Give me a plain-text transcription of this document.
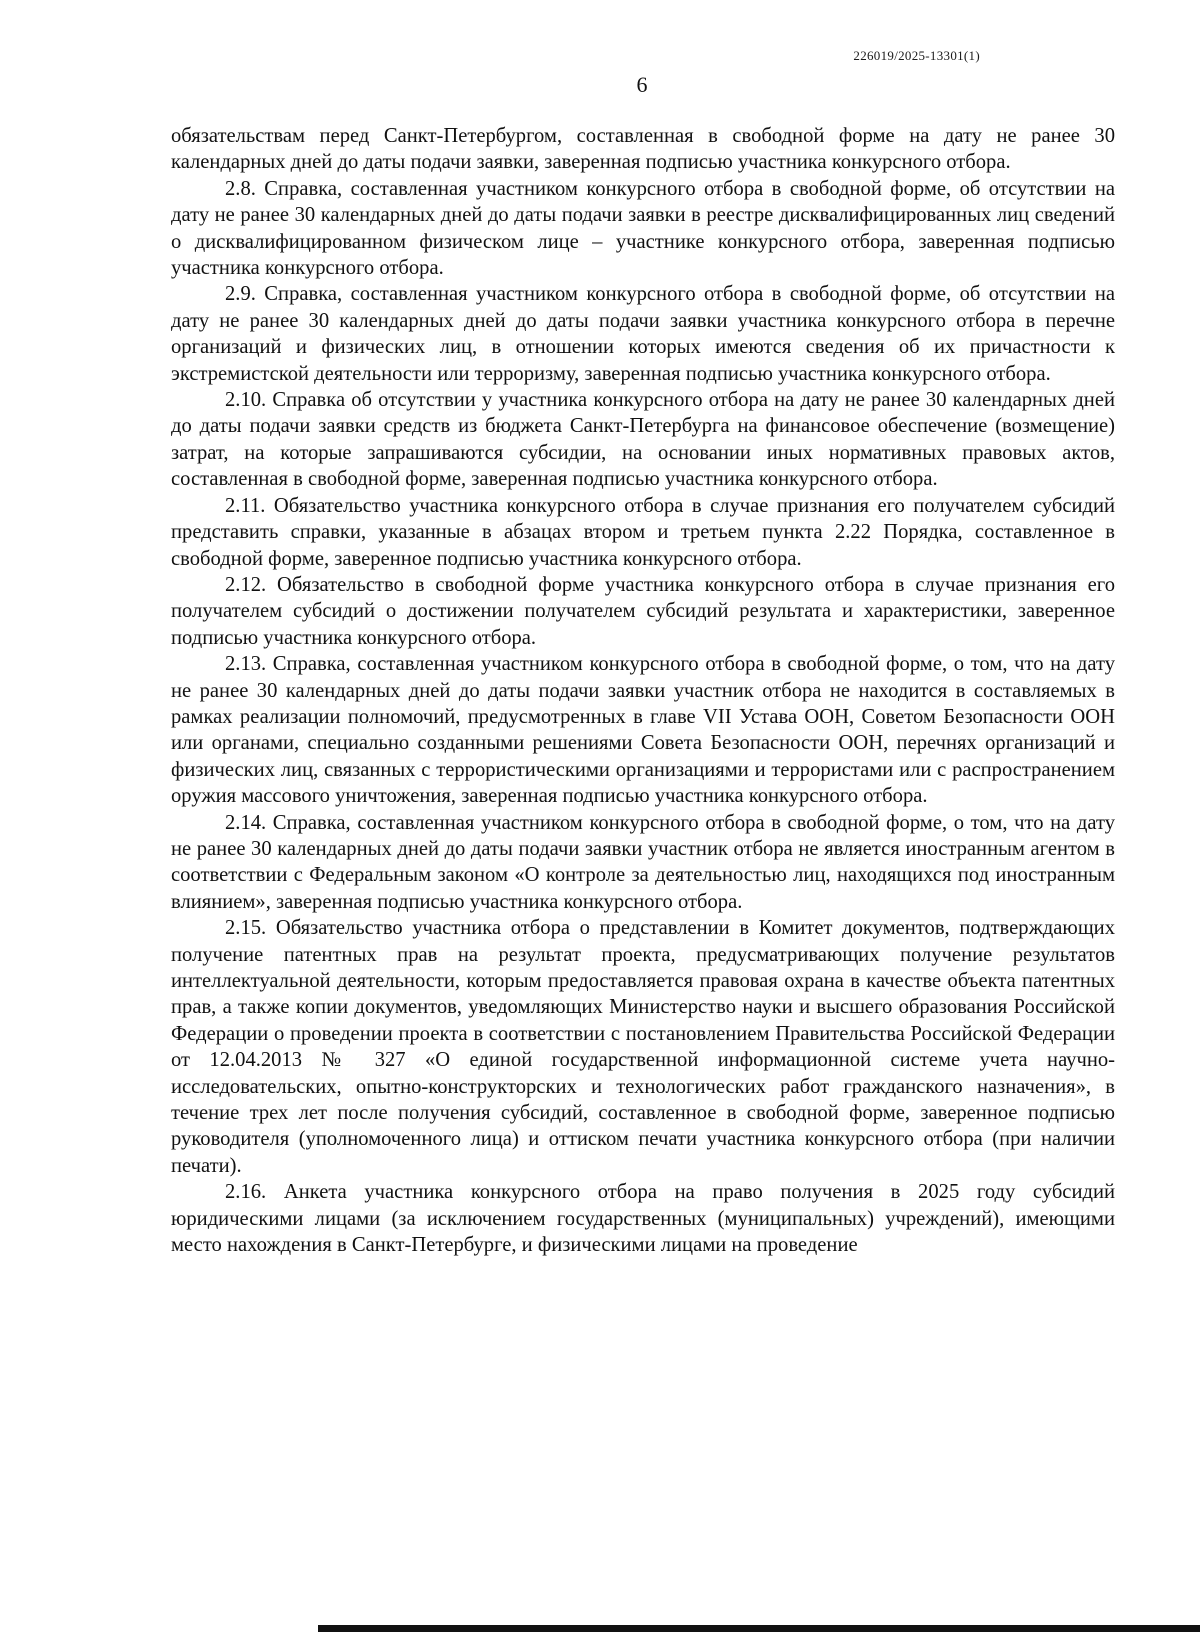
226019/2025-13301(1)
6

обязательствам перед Санкт-Петербургом, составленная в свободной форме на дату не ранее 30 календарных дней до даты подачи заявки, заверенная подписью участника конкурсного отбора.

2.8. Справка, составленная участником конкурсного отбора в свободной форме, об отсутствии на дату не ранее 30 календарных дней до даты подачи заявки в реестре дисквалифицированных лиц сведений о дисквалифицированном физическом лице – участнике конкурсного отбора, заверенная подписью участника конкурсного отбора.

2.9. Справка, составленная участником конкурсного отбора в свободной форме, об отсутствии на дату не ранее 30 календарных дней до даты подачи заявки участника конкурсного отбора в перечне организаций и физических лиц, в отношении которых имеются сведения об их причастности к экстремистской деятельности или терроризму, заверенная подписью участника конкурсного отбора.

2.10. Справка об отсутствии у участника конкурсного отбора на дату не ранее 30 календарных дней до даты подачи заявки средств из бюджета Санкт-Петербурга на финансовое обеспечение (возмещение) затрат, на которые запрашиваются субсидии, на основании иных нормативных правовых актов, составленная в свободной форме, заверенная подписью участника конкурсного отбора.

2.11. Обязательство участника конкурсного отбора в случае признания его получателем субсидий представить справки, указанные в абзацах втором и третьем пункта 2.22 Порядка, составленное в свободной форме, заверенное подписью участника конкурсного отбора.

2.12. Обязательство в свободной форме участника конкурсного отбора в случае признания его получателем субсидий о достижении получателем субсидий результата и характеристики, заверенное подписью участника конкурсного отбора.

2.13. Справка, составленная участником конкурсного отбора в свободной форме, о том, что на дату не ранее 30 календарных дней до даты подачи заявки участник отбора не находится в составляемых в рамках реализации полномочий, предусмотренных в главе VII Устава ООН, Советом Безопасности ООН или органами, специально созданными решениями Совета Безопасности ООН, перечнях организаций и физических лиц, связанных с террористическими организациями и террористами или с распространением оружия массового уничтожения, заверенная подписью участника конкурсного отбора.

2.14. Справка, составленная участником конкурсного отбора в свободной форме, о том, что на дату не ранее 30 календарных дней до даты подачи заявки участник отбора не является иностранным агентом в соответствии с Федеральным законом «О контроле за деятельностью лиц, находящихся под иностранным влиянием», заверенная подписью участника конкурсного отбора.

2.15. Обязательство участника отбора о представлении в Комитет документов, подтверждающих получение патентных прав на результат проекта, предусматривающих получение результатов интеллектуальной деятельности, которым предоставляется правовая охрана в качестве объекта патентных прав, а также копии документов, уведомляющих Министерство науки и высшего образования Российской Федерации о проведении проекта в соответствии с постановлением Правительства Российской Федерации от 12.04.2013 № 327 «О единой государственной информационной системе учета научно-исследовательских, опытно-конструкторских и технологических работ гражданского назначения», в течение трех лет после получения субсидий, составленное в свободной форме, заверенное подписью руководителя (уполномоченного лица) и оттиском печати участника конкурсного отбора (при наличии печати).

2.16. Анкета участника конкурсного отбора на право получения в 2025 году субсидий юридическими лицами (за исключением государственных (муниципальных) учреждений), имеющими место нахождения в Санкт-Петербурге, и физическими лицами на проведение
